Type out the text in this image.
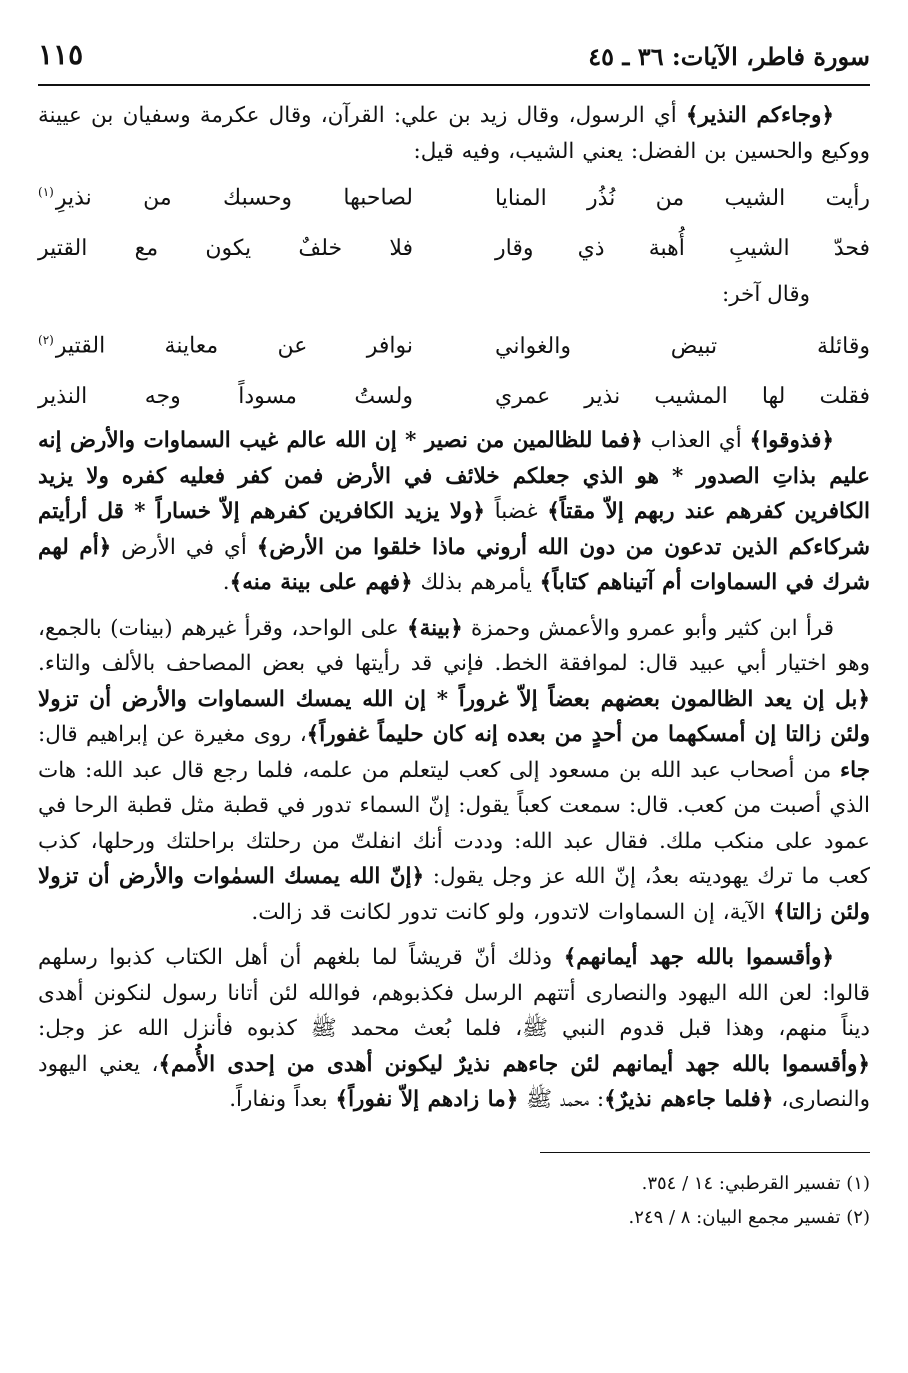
سورة فاطر، الآيات: ٣٦ ـ ٤٥
١١٥

﴿وجاءكم النذير﴾ أي الرسول، وقال زيد بن علي: القرآن، وقال عكرمة وسفيان بن عيينة ووكيع والحسين بن الفضل: يعني الشيب، وفيه قيل:

رأيت الشيب من نُذُر المنايا
لصاحبها وحسبك من نذيرِ$^{(١)}$
فحدّ الشيبِ أُهبة ذي وقار
فلا خلفٌ يكون مع القتير
وقال آخر:
وقائلة تبيض والغواني
نوافر عن معاينة القتير$^{(٢)}$
فقلت لها المشيب نذير عمري
ولستُ مسوداً وجه النذير

﴿فذوقوا﴾ أي العذاب ﴿فما للظالمين من نصير * إن الله عالم غيب السماوات والأرض إنه عليم بذاتِ الصدور * هو الذي جعلكم خلائف في الأرض فمن كفر فعليه كفره ولا يزيد الكافرين كفرهم عند ربهم إلاّ مقتاً﴾ غضباً ﴿ولا يزيد الكافرين كفرهم إلاّ خساراً * قل أرأيتم شركاءكم الذين تدعون من دون الله أروني ماذا خلقوا من الأرض﴾ أي في الأرض ﴿أم لهم شرك في السماوات أم آتيناهم كتاباً﴾ يأمرهم بذلك ﴿فهم على بينة منه﴾.

قرأ ابن كثير وأبو عمرو والأعمش وحمزة ﴿بينة﴾ على الواحد، وقرأ غيرهم (بينات) بالجمع، وهو اختيار أبي عبيد قال: لموافقة الخط. فإني قد رأيتها في بعض المصاحف بالألف والتاء. ﴿بل إن يعد الظالمون بعضهم بعضاً إلاّ غروراً * إن الله يمسك السماوات والأرض أن تزولا ولئن زالتا إن أمسكهما من أحدٍ من بعده إنه كان حليماً غفوراً﴾، روى مغيرة عن إبراهيم قال: جاء من أصحاب عبد الله بن مسعود إلى كعب ليتعلم من علمه، فلما رجع قال عبد الله: هات الذي أصبت من كعب. قال: سمعت كعباً يقول: إنّ السماء تدور في قطبة مثل قطبة الرحا في عمود على منكب ملك. فقال عبد الله: وددت أنك انفلتّ من رحلتك براحلتك ورحلها، كذب كعب ما ترك يهوديته بعدُ، إنّ الله عز وجل يقول: ﴿إنّ الله يمسك السمٰوات والأرض أن تزولا ولئن زالتا﴾ الآية، إن السماوات لاتدور، ولو كانت تدور لكانت قد زالت.

﴿وأقسموا بالله جهد أيمانهم﴾ وذلك أنّ قريشاً لما بلغهم أن أهل الكتاب كذبوا رسلهم قالوا: لعن الله اليهود والنصارى أتتهم الرسل فكذبوهم، فوالله لئن أتانا رسول لنكونن أهدى ديناً منهم، وهذا قبل قدوم النبي ﷺ، فلما بُعث محمد ﷺ كذبوه فأنزل الله عز وجل: ﴿وأقسموا بالله جهد أيمانهم لئن جاءهم نذيرٌ ليكونن أهدى من إحدى الأُمم﴾، يعني اليهود والنصارى، ﴿فلما جاءهم نذيرٌ﴾: محمد ﷺ ﴿ما زادهم إلاّ نفوراً﴾ بعداً ونفاراً.

(١) تفسير القرطبي: ١٤ / ٣٥٤.
(٢) تفسير مجمع البيان: ٨ / ٢٤٩.
